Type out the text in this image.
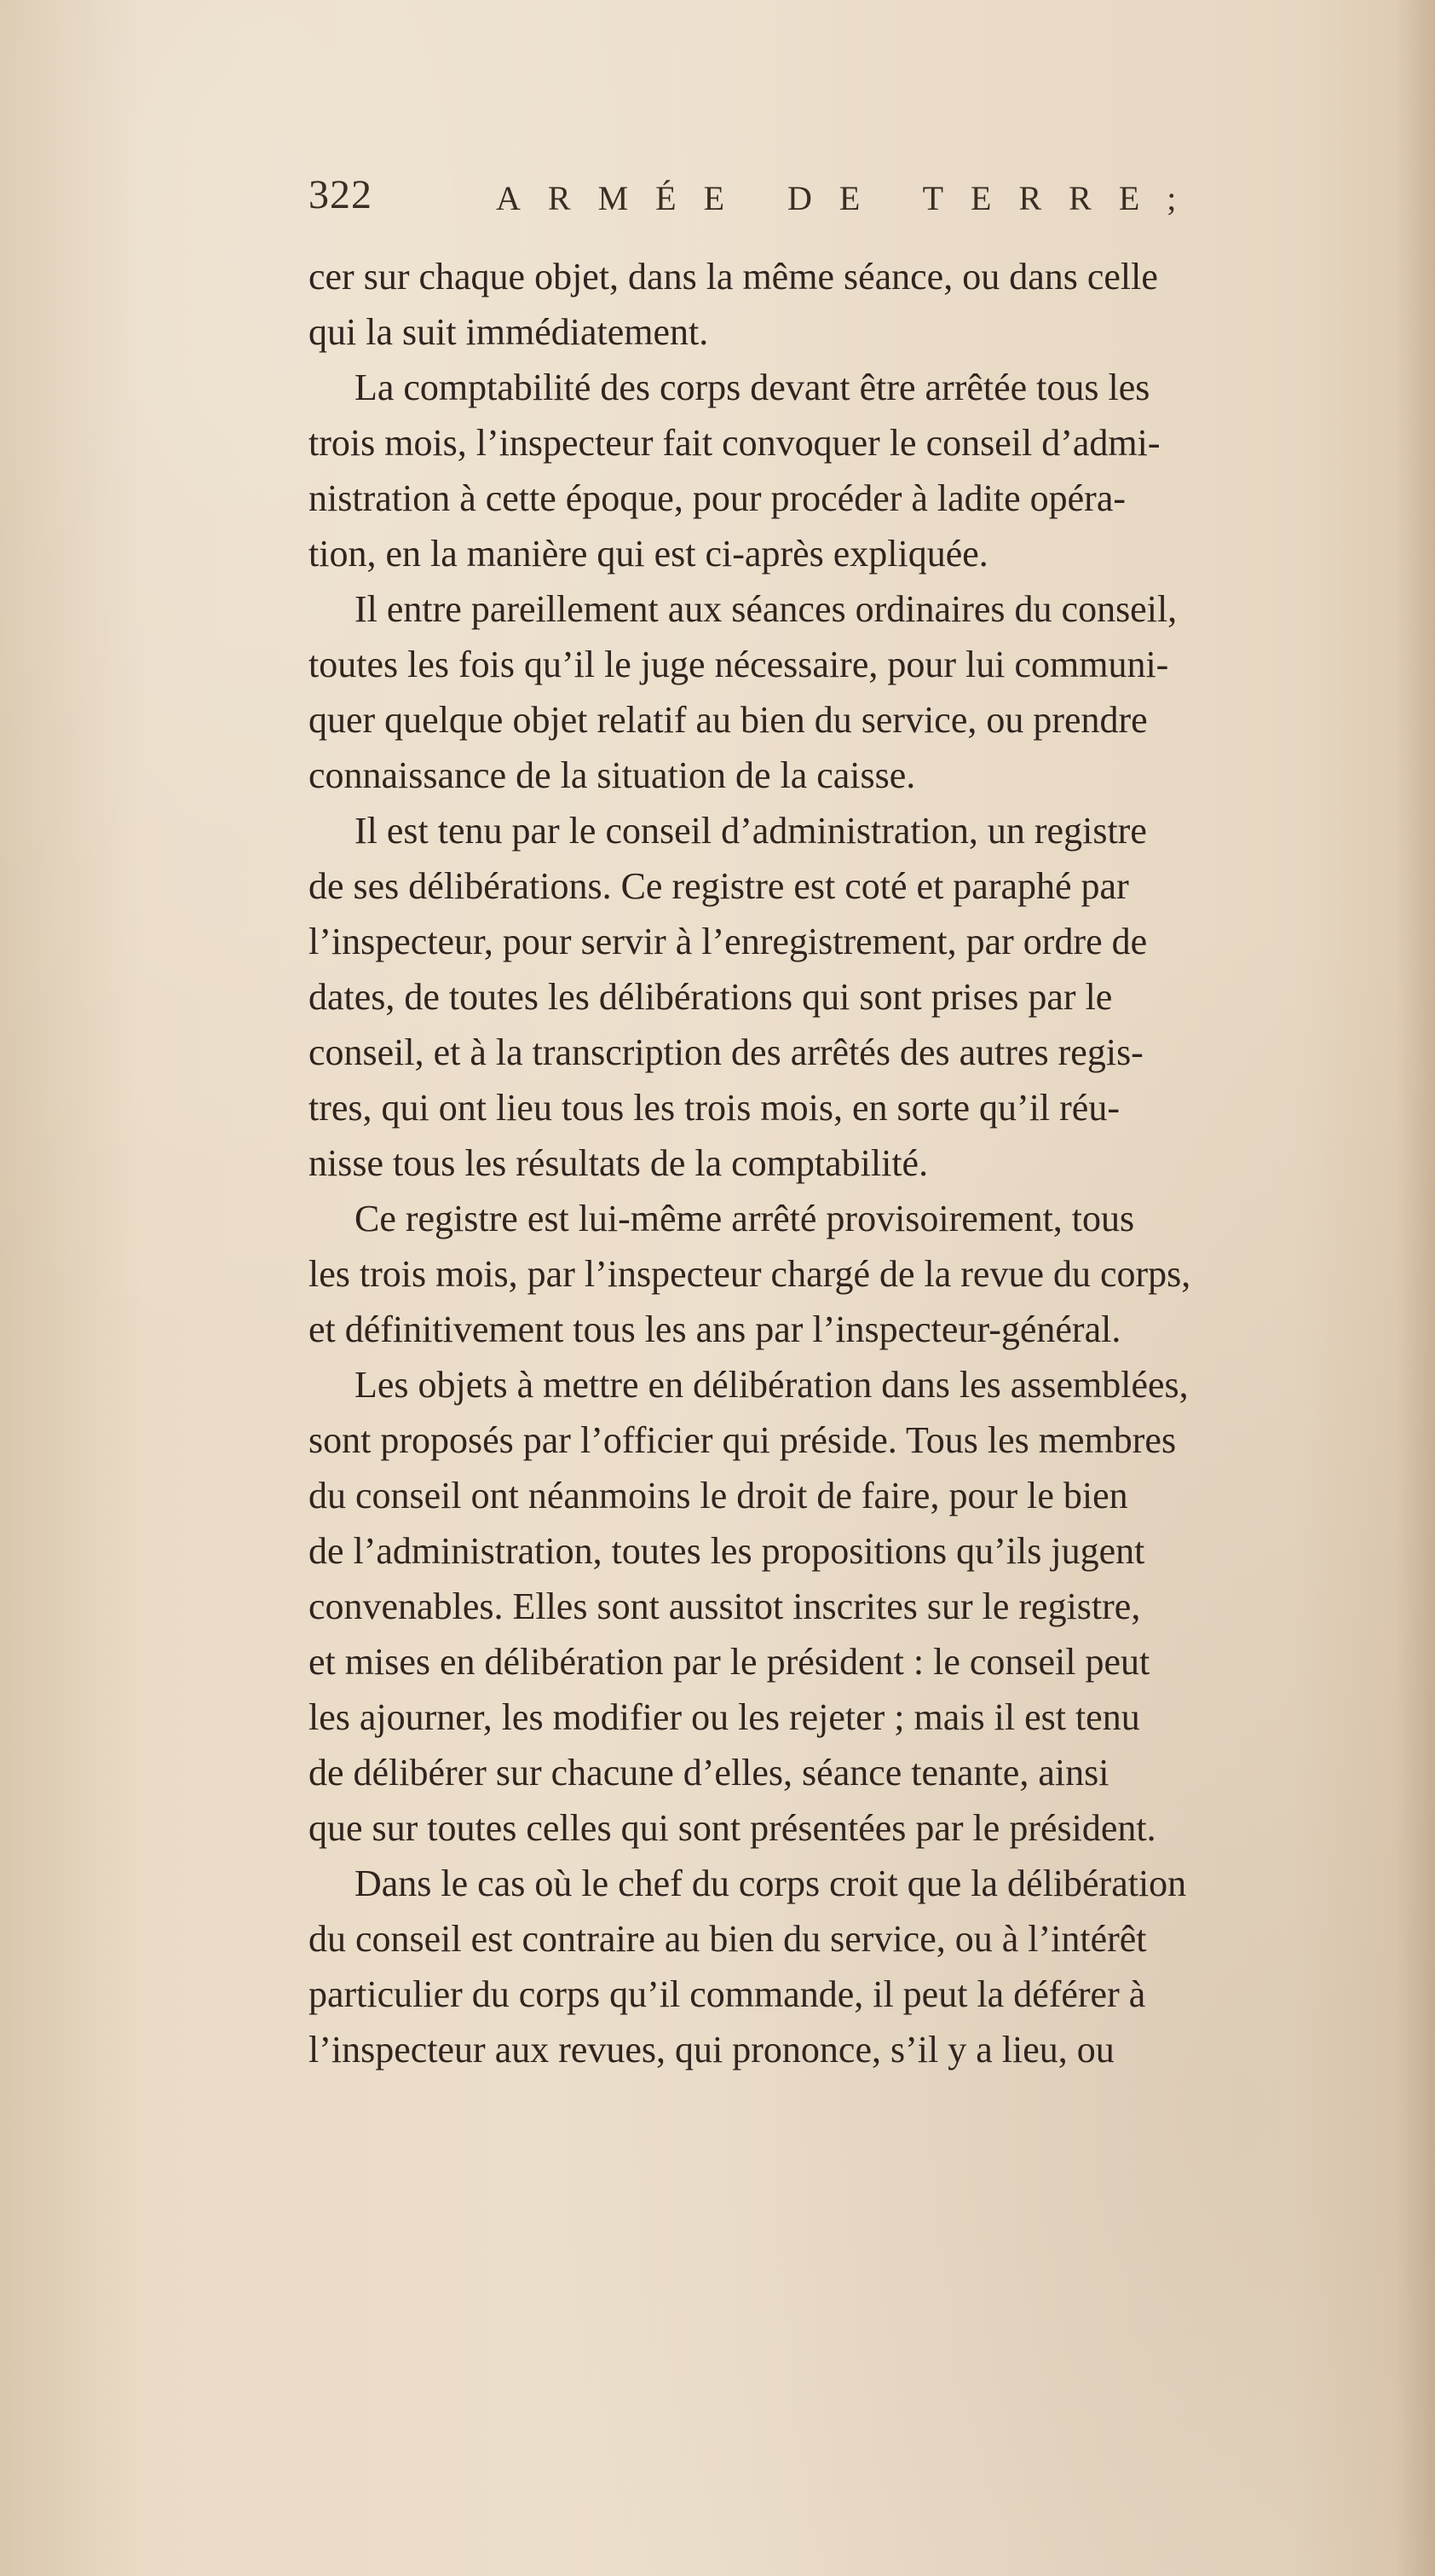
322	ARMÉE DE TERRE;
cer sur chaque objet, dans la même séance, ou dans celle
qui la suit immédiatement.
La comptabilité des corps devant être arrêtée tous les
trois mois, l’inspecteur fait convoquer le conseil d’admi-
nistration à cette époque, pour procéder à ladite opéra-
tion, en la manière qui est ci-après expliquée.
Il entre pareillement aux séances ordinaires du conseil,
toutes les fois qu’il le juge nécessaire, pour lui communi-
quer quelque objet relatif au bien du service, ou prendre
connaissance de la situation de la caisse.
Il est tenu par le conseil d’administration, un registre
de ses délibérations. Ce registre est coté et paraphé par
l’inspecteur, pour servir à l’enregistrement, par ordre de
dates, de toutes les délibérations qui sont prises par le
conseil, et à la transcription des arrêtés des autres regis-
tres, qui ont lieu tous les trois mois, en sorte qu’il réu-
nisse tous les résultats de la comptabilité.
Ce registre est lui-même arrêté provisoirement, tous
les trois mois, par l’inspecteur chargé de la revue du corps,
et définitivement tous les ans par l’inspecteur-général.
Les objets à mettre en délibération dans les assemblées,
sont proposés par l’officier qui préside. Tous les membres
du conseil ont néanmoins le droit de faire, pour le bien
de l’administration, toutes les propositions qu’ils jugent
convenables. Elles sont aussitot inscrites sur le registre,
et mises en délibération par le président : le conseil peut
les ajourner, les modifier ou les rejeter ; mais il est tenu
de délibérer sur chacune d’elles, séance tenante, ainsi
que sur toutes celles qui sont présentées par le président.
Dans le cas où le chef du corps croit que la délibération
du conseil est contraire au bien du service, ou à l’intérêt
particulier du corps qu’il commande, il peut la déférer à
l’inspecteur aux revues, qui prononce, s’il y a lieu, ou
